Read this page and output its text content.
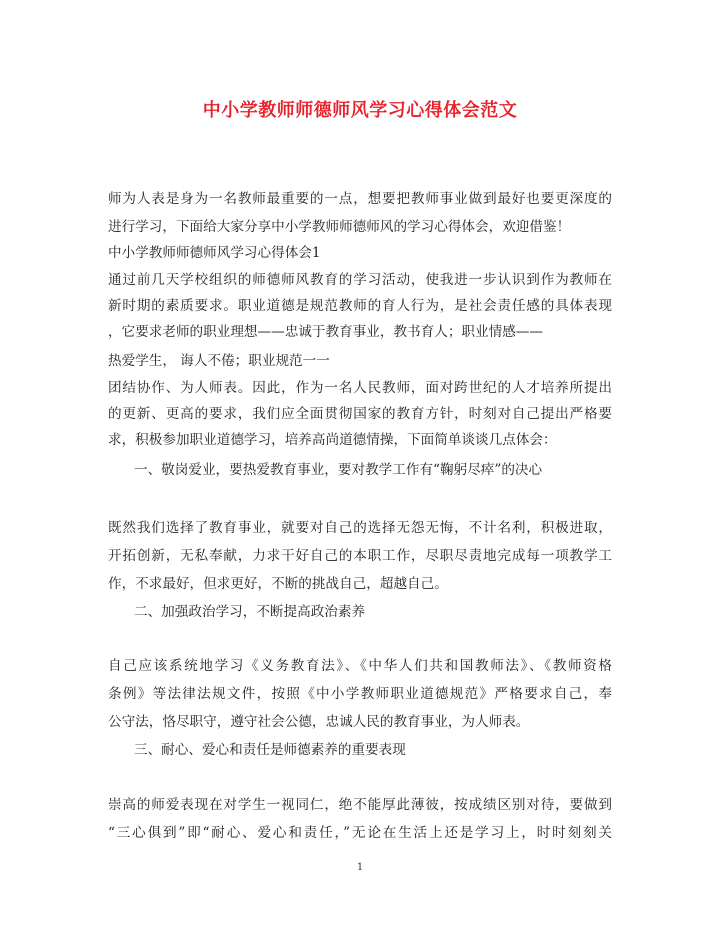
中小学教师师德师风学习心得体会范文
师为人表是身为一名教师最重要的一点，想要把教师事业做到最好也要更深度的
进行学习，下面给大家分享中小学教师师德师风的学习心得体会，欢迎借鉴！
中小学教师师德师风学习心得体会1
通过前几天学校组织的师德师风教育的学习活动，使我进一步认识到作为教师在
新时期的素质要求。职业道德是规范教师的育人行为，是社会责任感的具体表现
，它要求老师的职业理想——忠诚于教育事业，教书育人；职业情感——
热爱学生， 诲人不倦；职业规范一一
团结协作、为人师表。因此，作为一名人民教师，面对跨世纪的人才培养所提出
的更新、更高的要求，我们应全面贯彻国家的教育方针，时刻对自己提出严格要
求，积极参加职业道德学习，培养高尚道德情操，下面简单谈谈几点体会：
一、敬岗爱业，要热爱教育事业，要对教学工作有“鞠躬尽瘁”的决心
既然我们选择了教育事业，就要对自己的选择无怨无悔，不计名利，积极进取，
开拓创新，无私奉献，力求干好自己的本职工作，尽职尽责地完成每一项教学工
作，不求最好，但求更好，不断的挑战自己，超越自己。
二、加强政治学习，不断提高政治素养
自己应该系统地学习《义务教育法》、《中华人们共和国教师法》、《教师资格
条例》等法律法规文件，按照《中小学教师职业道德规范》严格要求自己，奉
公守法，恪尽职守，遵守社会公德，忠诚人民的教育事业，为人师表。
三、耐心、爱心和责任是师德素养的重要表现
崇高的师爱表现在对学生一视同仁，绝不能厚此薄彼，按成绩区别对待，要做到
“三心俱到”即“耐心、爱心和责任，”无论在生活上还是学习上，时时刻刻关
1
